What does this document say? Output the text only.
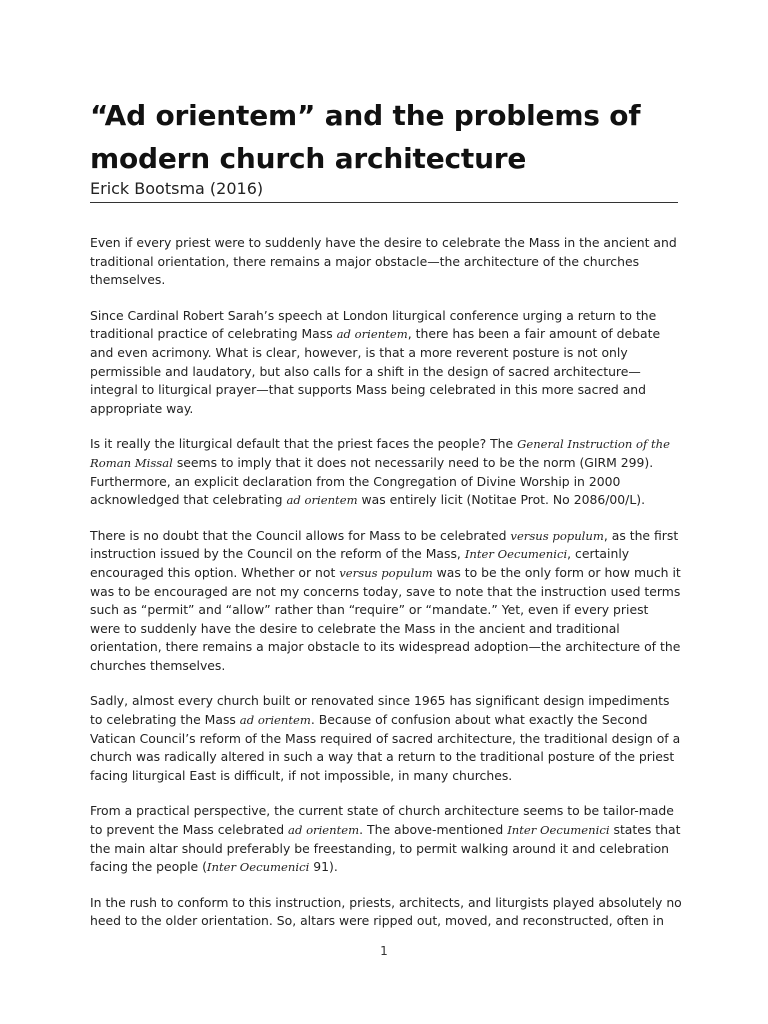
“Ad orientem” and the problems of modern church architecture
Erick Bootsma (2016)

Even if every priest were to suddenly have the desire to celebrate the Mass in the ancient and traditional orientation, there remains a major obstacle—the architecture of the churches themselves.

Since Cardinal Robert Sarah’s speech at London liturgical conference urging a return to the traditional practice of celebrating Mass ad orientem, there has been a fair amount of debate and even acrimony. What is clear, however, is that a more reverent posture is not only permissible and laudatory, but also calls for a shift in the design of sacred architecture—integral to liturgical prayer—that supports Mass being celebrated in this more sacred and appropriate way.

Is it really the liturgical default that the priest faces the people? The General Instruction of the Roman Missal seems to imply that it does not necessarily need to be the norm (GIRM 299). Furthermore, an explicit declaration from the Congregation of Divine Worship in 2000 acknowledged that celebrating ad orientem was entirely licit (Notitae Prot. No 2086/00/L).

There is no doubt that the Council allows for Mass to be celebrated versus populum, as the first instruction issued by the Council on the reform of the Mass, Inter Oecumenici, certainly encouraged this option. Whether or not versus populum was to be the only form or how much it was to be encouraged are not my concerns today, save to note that the instruction used terms such as “permit” and “allow” rather than “require” or “mandate.” Yet, even if every priest were to suddenly have the desire to celebrate the Mass in the ancient and traditional orientation, there remains a major obstacle to its widespread adoption—the architecture of the churches themselves.

Sadly, almost every church built or renovated since 1965 has significant design impediments to celebrating the Mass ad orientem. Because of confusion about what exactly the Second Vatican Council’s reform of the Mass required of sacred architecture, the traditional design of a church was radically altered in such a way that a return to the traditional posture of the priest facing liturgical East is difficult, if not impossible, in many churches.

From a practical perspective, the current state of church architecture seems to be tailor-made to prevent the Mass celebrated ad orientem. The above-mentioned Inter Oecumenici states that the main altar should preferably be freestanding, to permit walking around it and celebration facing the people (Inter Oecumenici 91).

In the rush to conform to this instruction, priests, architects, and liturgists played absolutely no heed to the older orientation. So, altars were ripped out, moved, and reconstructed, often in

1
